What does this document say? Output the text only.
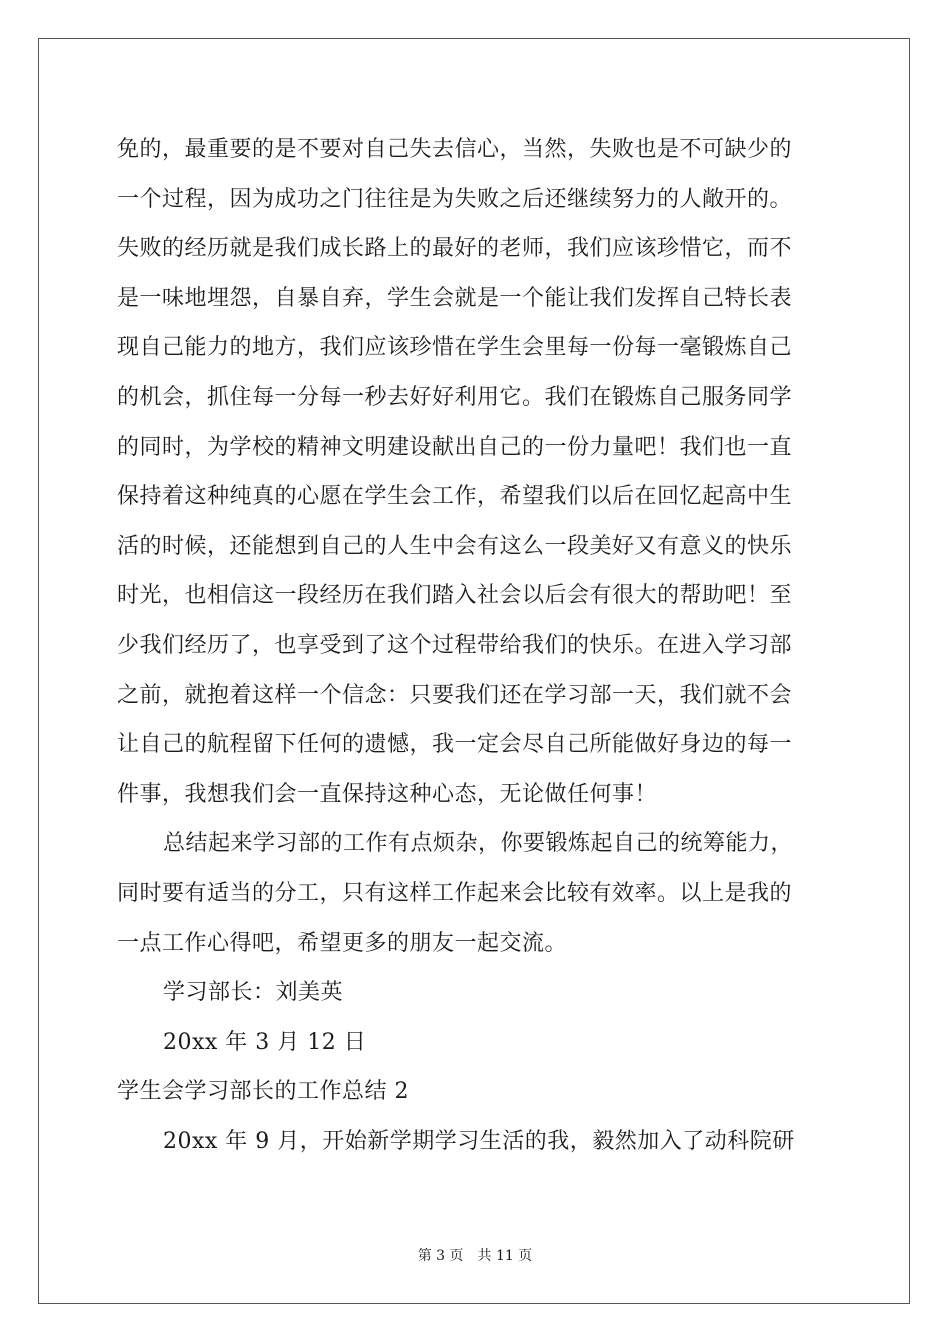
免的，最重要的是不要对自己失去信心，当然，失败也是不可缺少的
一个过程，因为成功之门往往是为失败之后还继续努力的人敞开的。
失败的经历就是我们成长路上的最好的老师，我们应该珍惜它，而不
是一味地埋怨，自暴自弃，学生会就是一个能让我们发挥自己特长表
现自己能力的地方，我们应该珍惜在学生会里每一份每一毫锻炼自己
的机会，抓住每一分每一秒去好好利用它。我们在锻炼自己服务同学
的同时，为学校的精神文明建设献出自己的一份力量吧！我们也一直
保持着这种纯真的心愿在学生会工作，希望我们以后在回忆起高中生
活的时候，还能想到自己的人生中会有这么一段美好又有意义的快乐
时光，也相信这一段经历在我们踏入社会以后会有很大的帮助吧！至
少我们经历了，也享受到了这个过程带给我们的快乐。在进入学习部
之前，就抱着这样一个信念：只要我们还在学习部一天，我们就不会
让自己的航程留下任何的遗憾，我一定会尽自己所能做好身边的每一
件事，我想我们会一直保持这种心态，无论做任何事！
总结起来学习部的工作有点烦杂，你要锻炼起自己的统筹能力，
同时要有适当的分工，只有这样工作起来会比较有效率。以上是我的
一点工作心得吧，希望更多的朋友一起交流。
学习部长：刘美英
20xx 年 3 月 12 日
学生会学习部长的工作总结 2
20xx 年 9 月，开始新学期学习生活的我，毅然加入了动科院研
第 3 页 共 11 页
